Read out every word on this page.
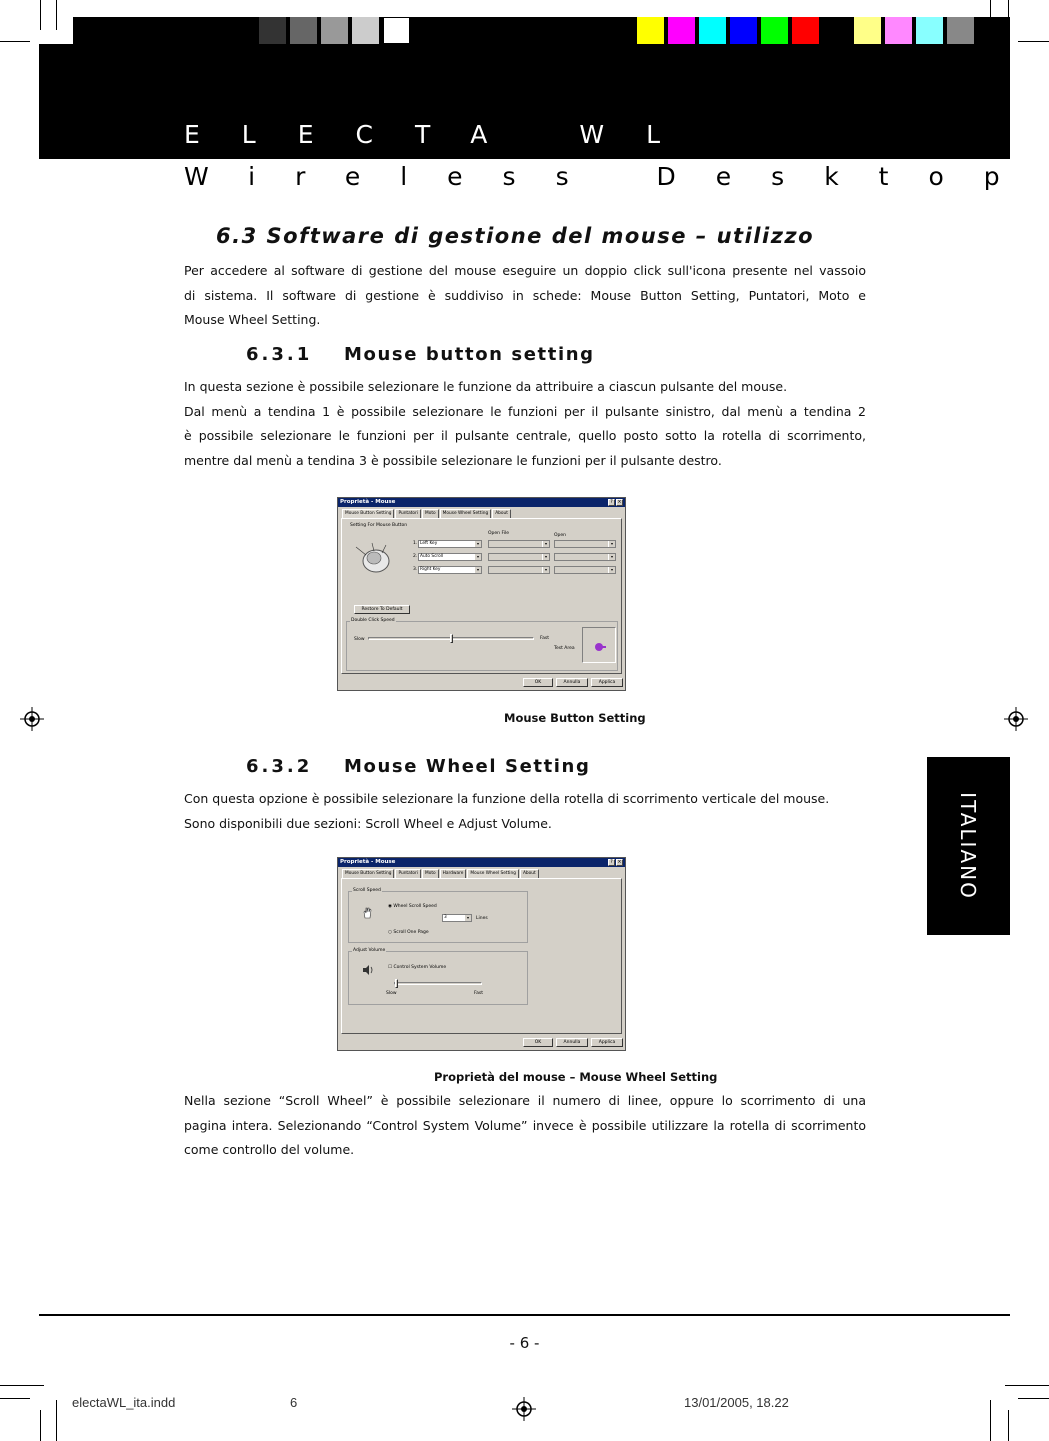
ELECTA WL
Wireless Desktop
6.3 Software di gestione del mouse – utilizzo
Per accedere al software di gestione del mouse eseguire un doppio click sull'icona presente nel vassoio
di sistema. Il software di gestione è suddiviso in schede: Mouse Button Setting, Puntatori, Moto e
Mouse Wheel Setting.
6.3.1 Mouse button setting
In questa sezione è possibile selezionare le funzione da attribuire a ciascun pulsante del mouse.
Dal menù a tendina 1 è possibile selezionare le funzioni per il pulsante sinistro, dal menù a tendina 2
è possibile selezionare le funzioni per il pulsante centrale, quello posto sotto la rotella di scorrimento,
mentre dal menù a tendina 3 è possibile selezionare le funzioni per il pulsante destro.
Proprietà - Mouse	? ×
Mouse Button Setting Puntatori Moto Mouse Wheel Setting About
Setting For Mouse Button
Open File	Open
1. Left Key	▾	▾	▾
2. Auto Scroll	▾	▾	▾
3. Right Key	▾	▾	▾
Restore To Default
Double Click Speed
Slow	Fast
Test Area
OK	Annulla	Applica
Mouse Button Setting
ITALIANO
6.3.2 Mouse Wheel Setting
Con questa opzione è possibile selezionare la funzione della rotella di scorrimento verticale del mouse.
Sono disponibili due sezioni: Scroll Wheel e Adjust Volume.
Proprietà - Mouse	? ×
Mouse Button Setting Puntatori Moto Hardware Mouse Wheel Setting About
Scroll Speed
◉ Wheel Scroll Speed
3	▾	Lines
○ Scroll One Page
Adjust Volume
☐ Control System Volume
Slow	Fast
OK	Annulla	Applica
Proprietà del mouse – Mouse Wheel Setting
Nella sezione “Scroll Wheel” è possibile selezionare il numero di linee, oppure lo scorrimento di una
pagina intera. Selezionando “Control System Volume” invece è possibile utilizzare la rotella di scorrimento
come controllo del volume.
- 6 -
electaWL_ita.indd	6	13/01/2005, 18.22
